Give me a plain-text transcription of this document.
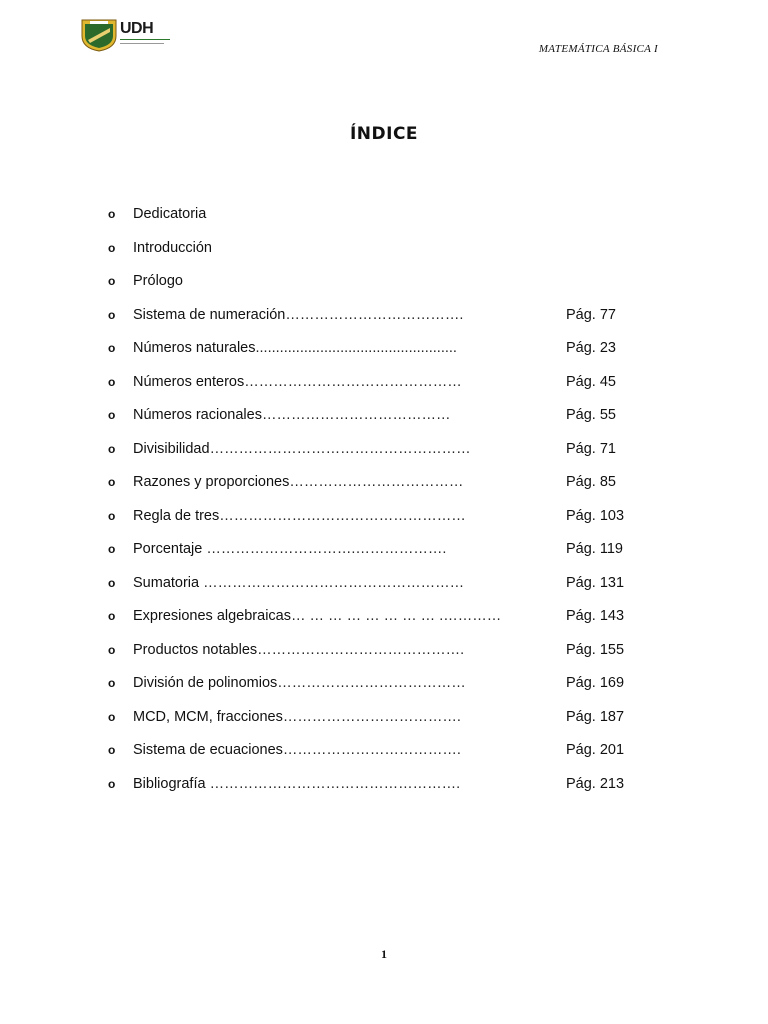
UDH
MATEMÁTICA BÁSICA I
ÍNDICE
o Dedicatoria
o Introducción
o Prólogo
o Sistema de numeración……………………………….	Pág. 77
o Números naturales..................................................	Pág. 23
o Números enteros………………………………………	Pág. 45
o Números racionales…………………………………	Pág. 55
o Divisibilidad………………………………………………	Pág. 71
o Razones y proporciones………………………………	Pág. 85
o Regla de tres……………………………………………	Pág. 103
o Porcentaje ………………………….……………….	Pág. 119
o Sumatoria ………………………………………………	Pág. 131
o Expresiones algebraicas… … … … … … … … .…………	Pág. 143
o Productos notables…………………………………….	Pág. 155
o División de polinomios…………………………………	Pág. 169
o MCD, MCM, fracciones……………………………….	Pág. 187
o Sistema de ecuaciones……………………………….	Pág. 201
o Bibliografía …………………………………………….	Pág. 213
1
